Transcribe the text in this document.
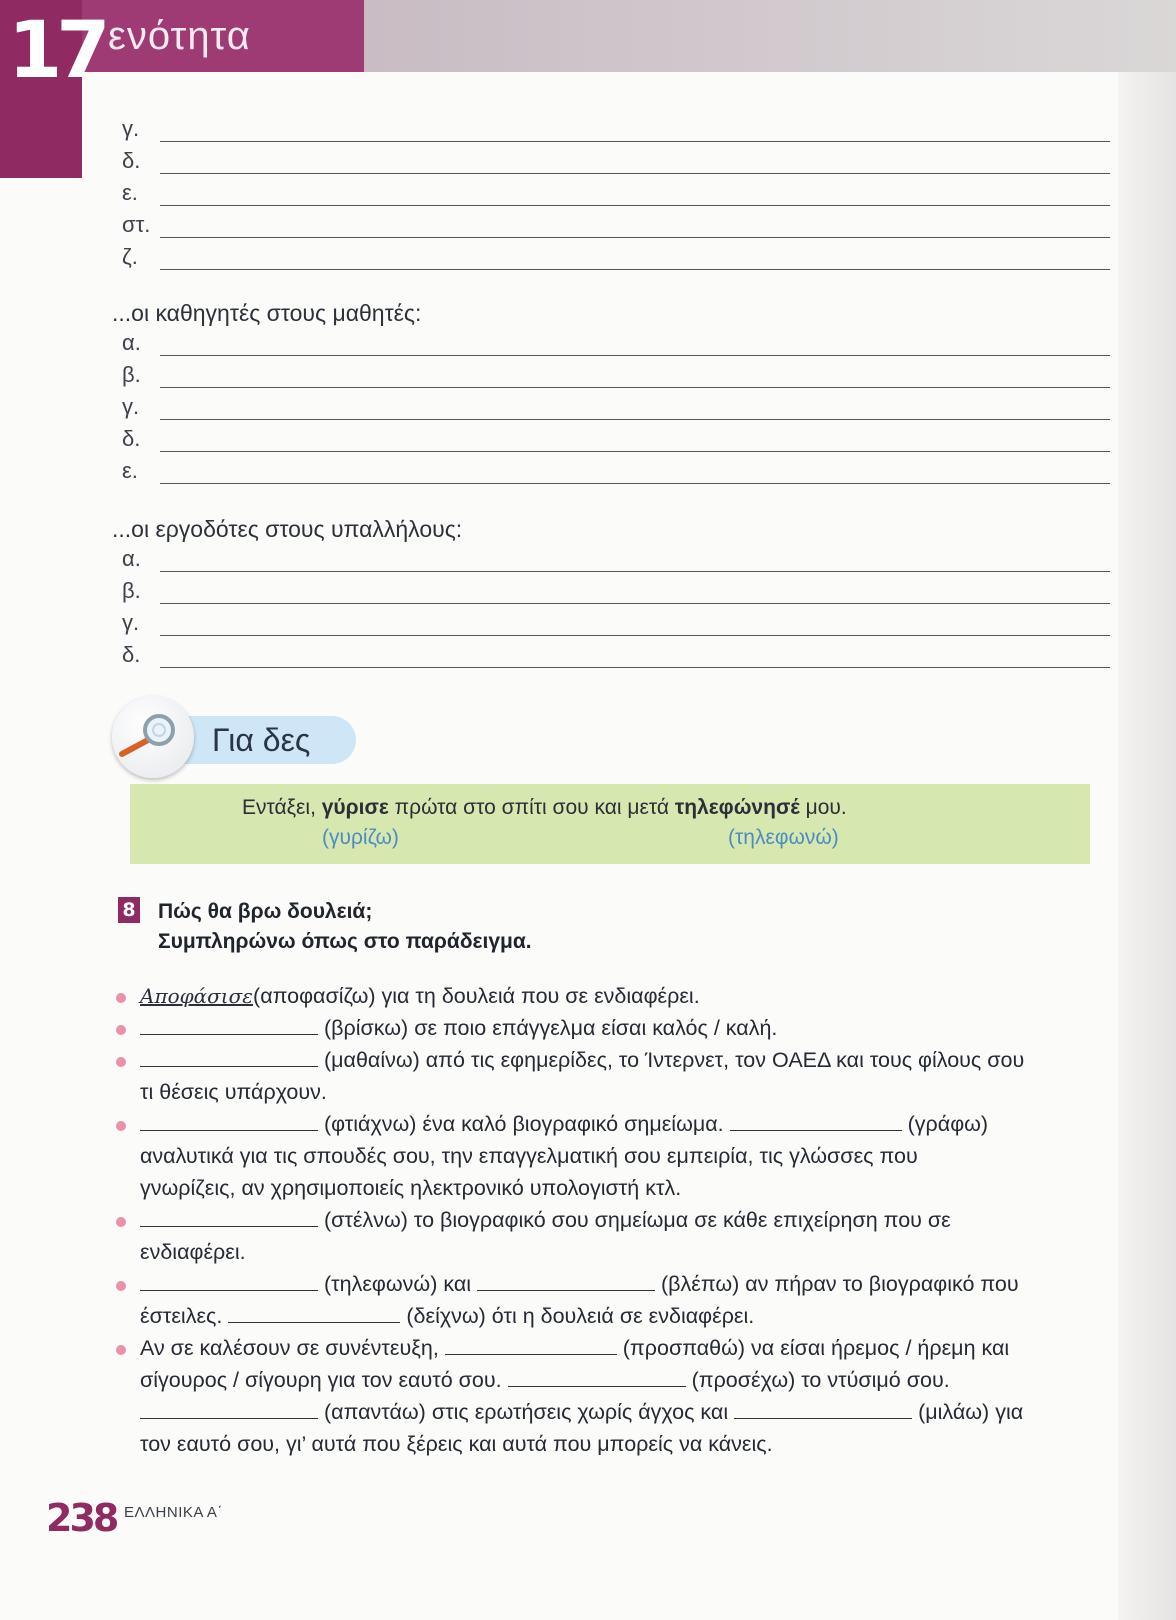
17 ενότητα
γ.
δ.
ε.
στ.
ζ.
...οι καθηγητές στους μαθητές:
α.
β.
γ.
δ.
ε.
...οι εργοδότες στους υπαλλήλους:
α.
β.
γ.
δ.
Για δες
Εντάξει, γύρισε πρώτα στο σπίτι σου και μετά τηλεφώνησέ μου.
(γυρίζω)	(τηλεφωνώ)
8 Πώς θα βρω δουλειά;
Συμπληρώνω όπως στο παράδειγμα.
Αποφάσισε(αποφασίζω) για τη δουλειά που σε ενδιαφέρει.
(βρίσκω) σε ποιο επάγγελμα είσαι καλός / καλή.
(μαθαίνω) από τις εφημερίδες, το Ίντερνετ, τον ΟΑΕΔ και τους φίλους σου
τι θέσεις υπάρχουν.
(φτιάχνω) ένα καλό βιογραφικό σημείωμα.	(γράφω)
αναλυτικά για τις σπουδές σου, την επαγγελματική σου εμπειρία, τις γλώσσες που
γνωρίζεις, αν χρησιμοποιείς ηλεκτρονικό υπολογιστή κτλ.
(στέλνω) το βιογραφικό σου σημείωμα σε κάθε επιχείρηση που σε
ενδιαφέρει.
(τηλεφωνώ) και	(βλέπω) αν πήραν το βιογραφικό που
έστειλες.	(δείχνω) ότι η δουλειά σε ενδιαφέρει.
Αν σε καλέσουν σε συνέντευξη,	(προσπαθώ) να είσαι ήρεμος / ήρεμη και
σίγουρος / σίγουρη για τον εαυτό σου.	(προσέχω) το ντύσιμό σου.
(απαντάω) στις ερωτήσεις χωρίς άγχος και	(μιλάω) για
τον εαυτό σου, γι’ αυτά που ξέρεις και αυτά που μπορείς να κάνεις.
238 ΕΛΛΗΝΙΚΑ Α΄
